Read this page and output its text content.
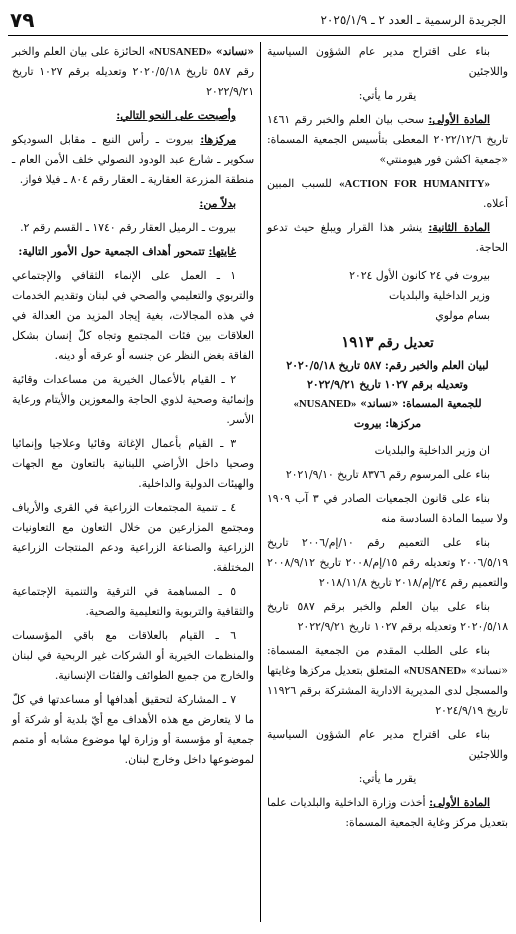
الجريدة الرسمية ـ العدد ٢ ـ ٢٠٢٥/١/٩
٧٩

بناء على اقتراح مدير عام الشؤون السياسية واللاجئين

يقرر ما يأتي:

المادة الأولى: سحب بيان العلم والخبر رقم ١٤٦١ تاريخ ٢٠٢٢/١٢/٦ المعطى بتأسيس الجمعية المسماة: «جمعية اكشن فور هيومنتي»

«ACTION FOR HUMANITY» للسبب المبين أعلاه.

المادة الثانية: ينشر هذا القرار ويبلغ حيث تدعو الحاجة.

بيروت في ٢٤ كانون الأول ٢٠٢٤

وزير الداخلية والبلديات

بسام مولوي

تعديل رقم ١٩١٣
لبيان العلم والخبر رقم: ٥٨٧ تاريخ ٢٠٢٠/٥/١٨
وتعديله برقم ١٠٢٧ تاريخ ٢٠٢٢/٩/٢١
للجمعية المسماة: «نساند» «NUSANED»
مركزها: بيروت

ان وزير الداخلية والبلديات

بناء على المرسوم رقم ٨٣٧٦ تاريخ ٢٠٢١/٩/١٠

بناء على قانون الجمعيات الصادر في ٣ آب ١٩٠٩ ولا سيما المادة السادسة منه

بناء على التعميم رقم ١٠/إم/٢٠٠٦ تاريخ ٢٠٠٦/٥/١٩ وتعديله رقم ١٥/إم/٢٠٠٨ تاريخ ٢٠٠٨/٩/١٢ والتعميم رقم ٢٤/إم/٢٠١٨ تاريخ ٢٠١٨/١١/٨

بناء على بيان العلم والخبر برقم ٥٨٧ تاريخ ٢٠٢٠/٥/١٨ وتعديله برقم ١٠٢٧ تاريخ ٢٠٢٢/٩/٢١

بناء على الطلب المقدم من الجمعية المسماة: «نساند» «NUSANED» المتعلق بتعديل مركزها وغايتها والمسجل لدى المديرية الادارية المشتركة برقم ١١٩٢٦ تاريخ ٢٠٢٤/٩/١٩

بناء على اقتراح مدير عام الشؤون السياسية واللاجئين

يقرر ما يأتي:

المادة الأولى: أخذت وزارة الداخلية والبلديات علما بتعديل مركز وغاية الجمعية المسماة:

«نساند» «NUSANED» الحائزة على بيان العلم والخبر رقم ٥٨٧ تاريخ ٢٠٢٠/٥/١٨ وتعديله برقم ١٠٢٧ تاريخ ٢٠٢٢/٩/٢١

وأصبحت على النحو التالي:

مركزها: بيروت ـ رأس النبع ـ مقابل السوديكو سكوير ـ شارع عبد الودود النصولي خلف الأمن العام ـ منطقة المزرعة العقارية ـ العقار رقم ٨٠٤ ـ فيلا فواز.

بدلاً من:

بيروت ـ الرميل العقار رقم ١٧٤٠ ـ القسم رقم ٢.

غايتها: تتمحور أهداف الجمعية حول الأمور التالية:

١ ـ العمل على الإنماء الثقافي والإجتماعي والتربوي والتعليمي والصحي في لبنان وتقديم الخدمات في هذه المجالات، بغية إيجاد المزيد من العدالة في العلاقات بين فئات المجتمع وتجاه كلّ إنسان بشكل الفاقة بغض النظر عن جنسه أو عرقه أو دينه.

٢ ـ القيام بالأعمال الخيرية من مساعدات وقائية وإنمائية وصحية لذوي الحاجة والمعوزين والأيتام ورعاية الأسر.

٣ ـ القيام بأعمال الإغاثة وقائيا وعلاجيا وإنمائيا وصحيا داخل الأراضي اللبنانية بالتعاون مع الجهات والهيئات الدولية والداخلية.

٤ ـ تنمية المجتمعات الزراعية في القرى والأرياف ومجتمع المزارعين من خلال التعاون مع التعاونيات الزراعية والصناعة الزراعية ودعم المنتجات الزراعية المختلفة.

٥ ـ المساهمة في الترقية والتنمية الإجتماعية والثقافية والتربوية والتعليمية والصحية.

٦ ـ القيام بالعلاقات مع باقي المؤسسات والمنظمات الخيرية أو الشركات غير الربحية في لبنان والخارج من جميع الطوائف والفئات الإنسانية.

٧ ـ المشاركة لتحقيق أهدافها أو مساعدتها في كلّ ما لا يتعارض مع هذه الأهداف مع أيّ بلدية أو شركة أو جمعية أو مؤسسة أو وزارة لها موضوع مشابه أو متمم لموضوعها داخل وخارج لبنان.
